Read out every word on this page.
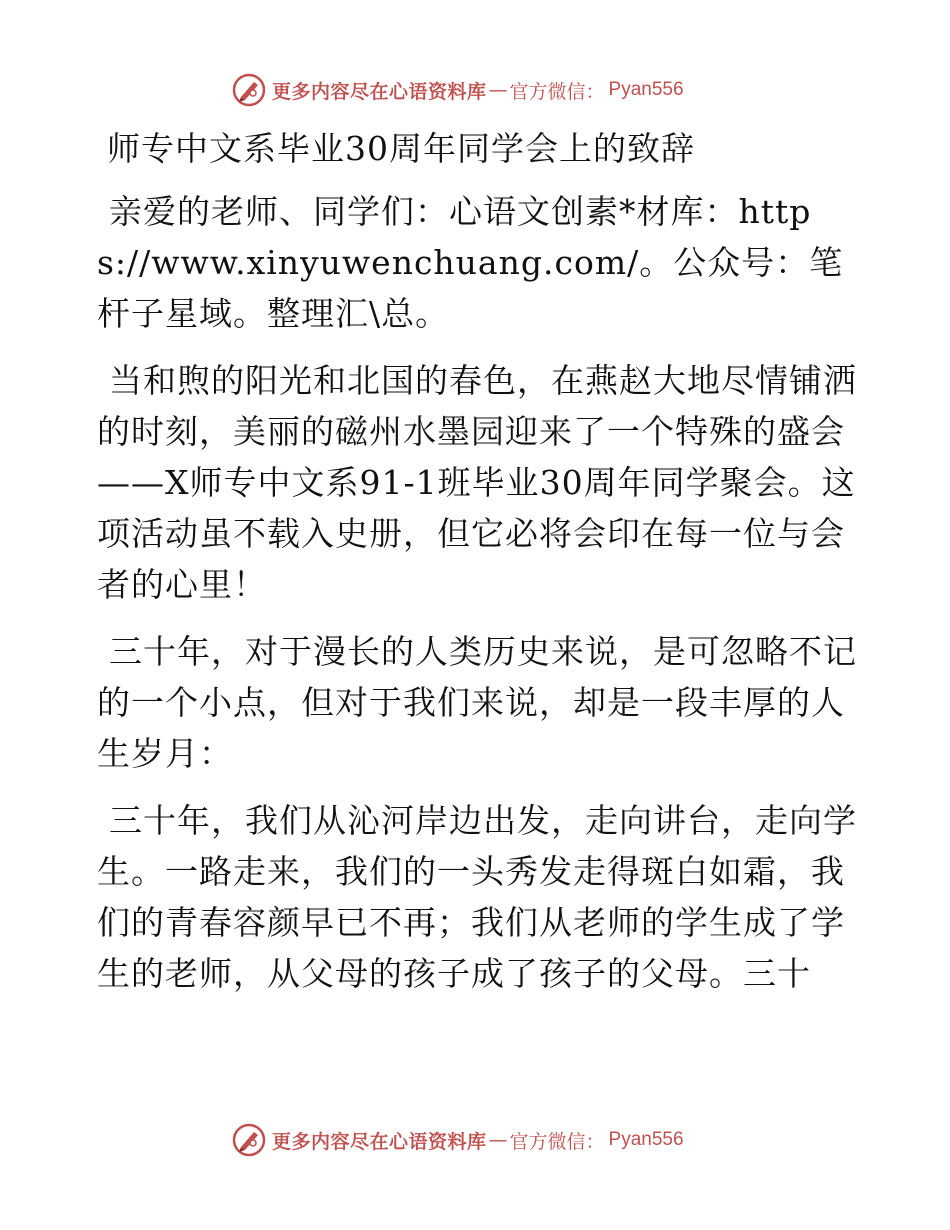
更多内容尽在心语资料库 — 官方微信： Pyan556
师专中文系毕业30周年同学会上的致辞

亲爱的老师、同学们：心语文创素*材库：https://www.xinyuwenchuang.com/。公众号：笔杆子星域。整理汇\总。

当和煦的阳光和北国的春色，在燕赵大地尽情铺洒的时刻，美丽的磁州水墨园迎来了一个特殊的盛会——X师专中文系91-1班毕业30周年同学聚会。这项活动虽不载入史册，但它必将会印在每一位与会者的心里！

三十年，对于漫长的人类历史来说，是可忽略不记的一个小点，但对于我们来说，却是一段丰厚的人生岁月：

三十年，我们从沁河岸边出发，走向讲台，走向学生。一路走来，我们的一头秀发走得斑白如霜，我们的青春容颜早已不再；我们从老师的学生成了学生的老师，从父母的孩子成了孩子的父母。三十

更多内容尽在心语资料库 — 官方微信： Pyan556
